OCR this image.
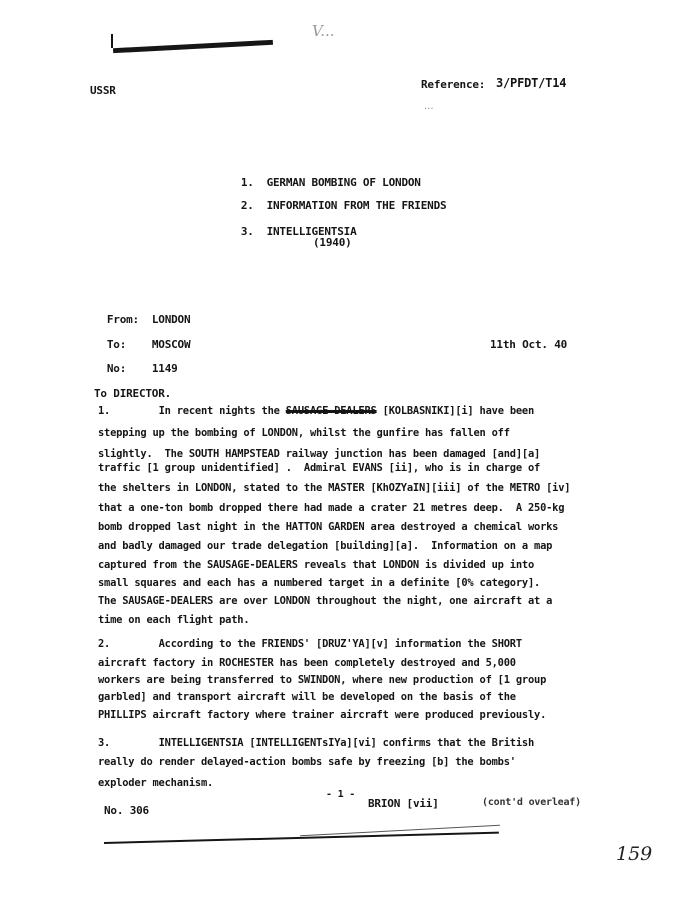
V...
USSR	Reference: 3/PFDT/T14
...

1. GERMAN BOMBING OF LONDON

2. INFORMATION FROM THE FRIENDS

3. INTELLIGENTSIA

(1940)

From: LONDON

To: MOSCOW

No: 1149

11th Oct. 40
To DIRECTOR.
1.	In recent nights the SAUSAGE-DEALERS [KOLBASNIKI][i] have been
stepping up the bombing of LONDON, whilst the gunfire has fallen off
slightly.  The SOUTH HAMPSTEAD railway junction has been damaged [and][a]
traffic [1 group unidentified] .  Admiral EVANS [ii], who is in charge of
the shelters in LONDON, stated to the MASTER [KhOZYaIN][iii] of the METRO [iv]
that a one-ton bomb dropped there had made a crater 21 metres deep.  A 250-kg
bomb dropped last night in the HATTON GARDEN area destroyed a chemical works
and badly damaged our trade delegation [building][a].  Information on a map
captured from the SAUSAGE-DEALERS reveals that LONDON is divided up into
small squares and each has a numbered target in a definite [0% category].
The SAUSAGE-DEALERS are over LONDON throughout the night, one aircraft at a
time on each flight path.
2.	According to the FRIENDS' [DRUZ'YA][v] information the SHORT
aircraft factory in ROCHESTER has been completely destroyed and 5,000
workers are being transferred to SWINDON, where new production of [1 group
garbled] and transport aircraft will be developed on the basis of the
PHILLIPS aircraft factory where trainer aircraft were produced previously.
3.	INTELLIGENTSIA [INTELLIGENTsIYa][vi] confirms that the British
really do render delayed-action bombs safe by freezing [b] the bombs'
exploder mechanism.
No. 306
- 1 -
BRION [vii]	(cont'd overleaf)
159
